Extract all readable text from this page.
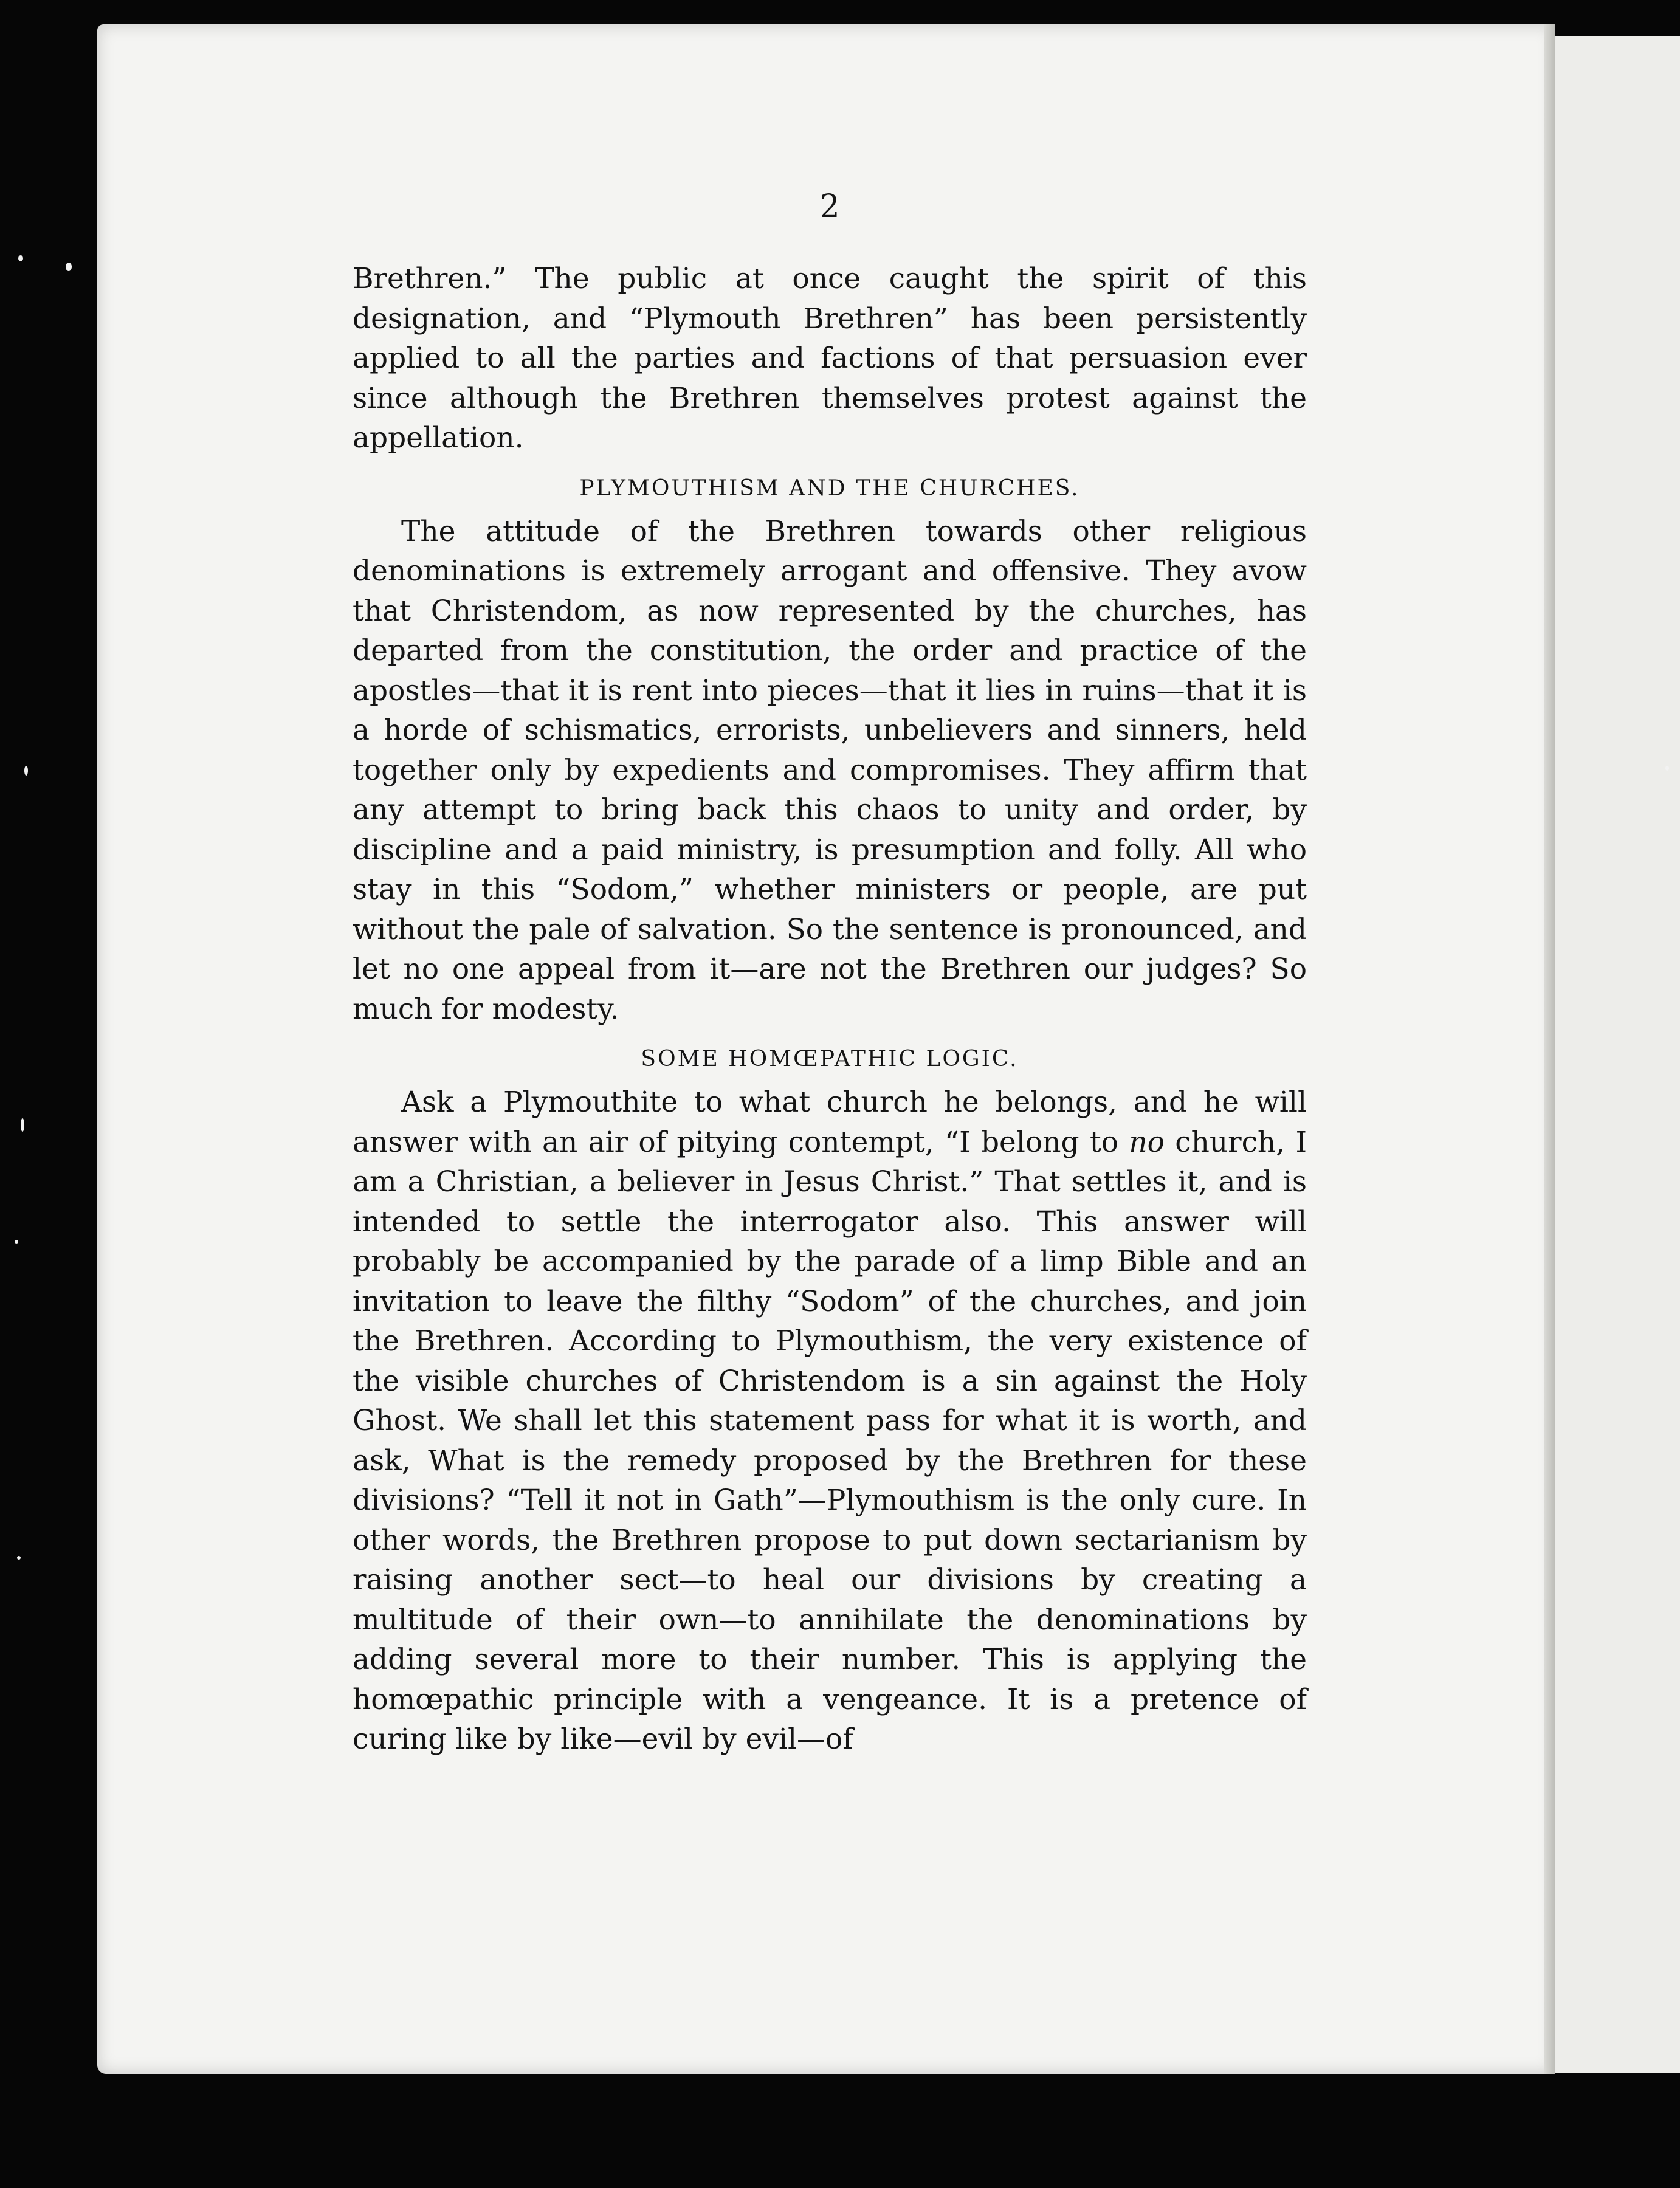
2

Brethren.” The public at once caught the spirit of this designation, and “Plymouth Brethren” has been persistently applied to all the parties and factions of that persuasion ever since although the Brethren themselves protest against the appellation.

PLYMOUTHISM AND THE CHURCHES.

The attitude of the Brethren towards other religious denominations is extremely arrogant and offensive. They avow that Christendom, as now represented by the churches, has departed from the constitution, the order and practice of the apostles—that it is rent into pieces—that it lies in ruins—that it is a horde of schismatics, errorists, unbelievers and sinners, held together only by expedients and compromises. They affirm that any attempt to bring back this chaos to unity and order, by discipline and a paid ministry, is presumption and folly. All who stay in this “Sodom,” whether ministers or people, are put without the pale of salvation. So the sentence is pronounced, and let no one appeal from it—are not the Brethren our judges? So much for modesty.

SOME HOMŒPATHIC LOGIC.

Ask a Plymouthite to what church he belongs, and he will answer with an air of pitying contempt, “I belong to no church, I am a Christian, a believer in Jesus Christ.” That settles it, and is intended to settle the interrogator also. This answer will probably be accompanied by the parade of a limp Bible and an invitation to leave the filthy “Sodom” of the churches, and join the Brethren. According to Plymouthism, the very existence of the visible churches of Christendom is a sin against the Holy Ghost. We shall let this statement pass for what it is worth, and ask, What is the remedy proposed by the Brethren for these divisions? “Tell it not in Gath”—Plymouthism is the only cure. In other words, the Brethren propose to put down sectarianism by raising another sect—to heal our divisions by creating a multitude of their own—to annihilate the denominations by adding several more to their number. This is applying the homœpathic principle with a vengeance. It is a pretence of curing like by like—evil by evil—of
